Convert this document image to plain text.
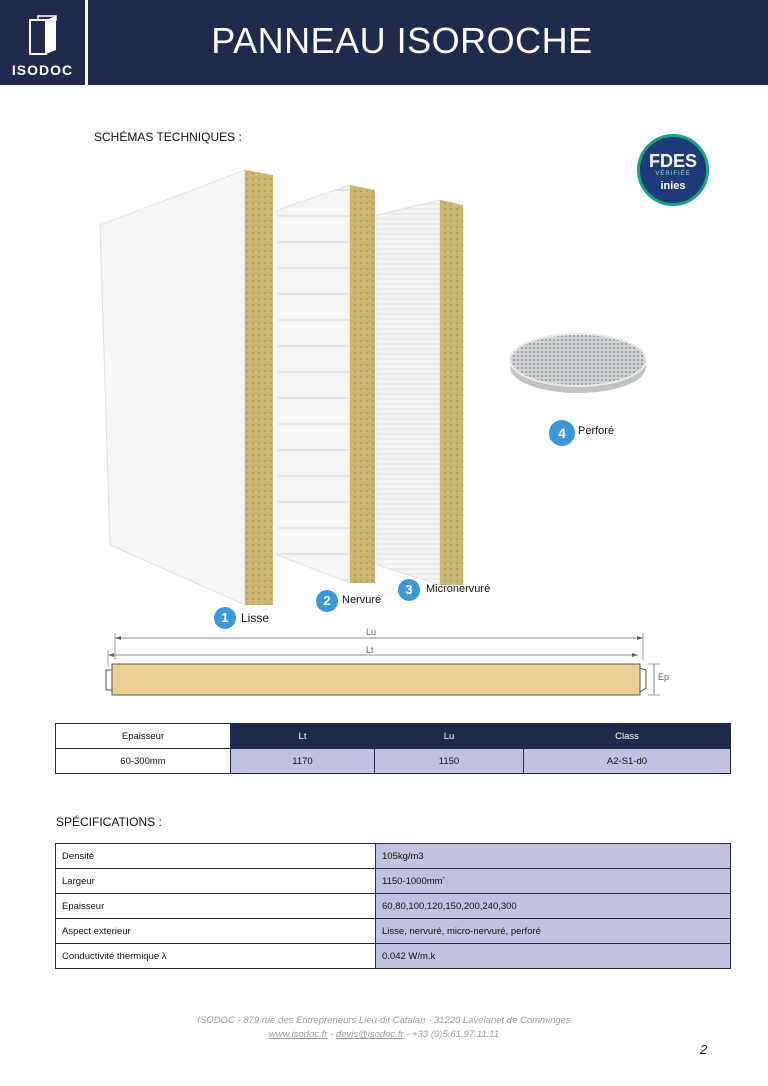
ISODOC
PANNEAU ISOROCHE
SCHÉMAS TECHNIQUES :
FDES
VÉRIFIÉE
inies
1	Lisse
2	Nervuré
3	Micronervuré
4	Perforé
Lu
Lt
Ep
Epaisseur	Lt	Lu	Class
60-300mm	1170	1150	A2-S1-d0
SPÉCIFICATIONS :
Densité	105kg/m3
Largeur	1150-1000mm´
Epaisseur	60,80,100,120,150,200,240,300
Aspect exterieur	Lisse, nervuré, micro-nervuré, perforé
Conductivité thermique λ	0.042 W/m.k
ISODOC - 879 rue des Entrepreneurs Lieu-dit Catalan - 31220 Lavelanet de Comminges
www.isodoc.fr - devis@isodoc.fr - +33 (0)5.61.97.11.11
2
